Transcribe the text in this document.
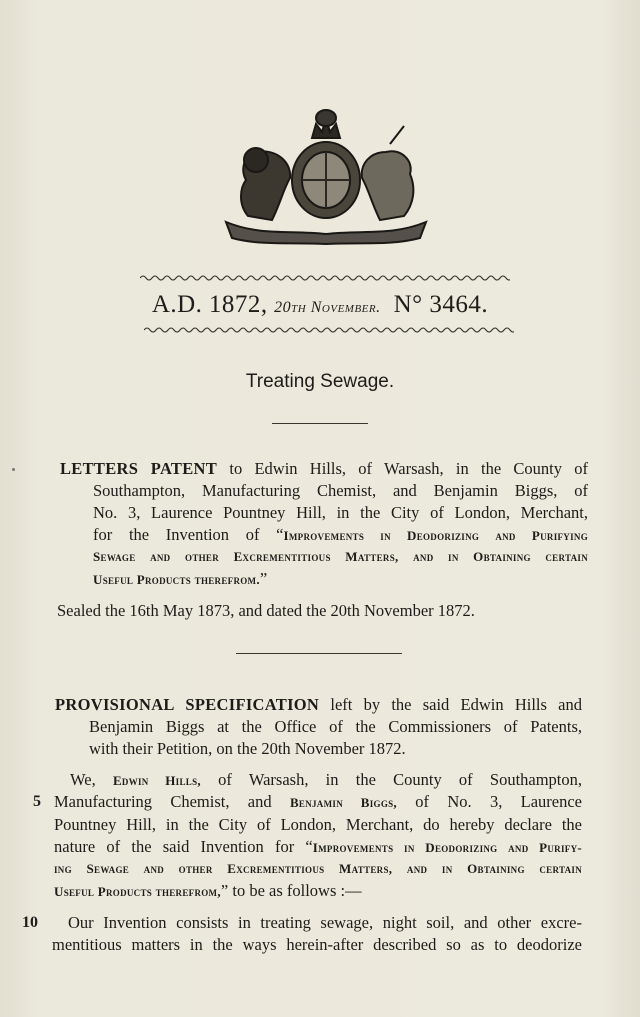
A.D. 1872, 20th November. N° 3464.
Treating Sewage.
LETTERS PATENT to Edwin Hills, of Warsash, in the County of
Southampton, Manufacturing Chemist, and Benjamin Biggs, of
No. 3, Laurence Pountney Hill, in the City of London, Merchant,
for the Invention of “Improvements in Deodorizing and Purifying
Sewage and other Excrementitious Matters, and in Obtaining certain
Useful Products therefrom.”
Sealed the 16th May 1873, and dated the 20th November 1872.
PROVISIONAL SPECIFICATION left by the said Edwin Hills and
Benjamin Biggs at the Office of the Commissioners of Patents,
with their Petition, on the 20th November 1872.
We, Edwin Hills, of Warsash, in the County of Southampton,
Manufacturing Chemist, and Benjamin Biggs, of No. 3, Laurence
Pountney Hill, in the City of London, Merchant, do hereby declare the
nature of the said Invention for “Improvements in Deodorizing and Purify-
ing Sewage and other Excrementitious Matters, and in Obtaining certain
Useful Products therefrom,” to be as follows :—
Our Invention consists in treating sewage, night soil, and other excre-
mentitious matters in the ways herein-after described so as to deodorize
5
10
